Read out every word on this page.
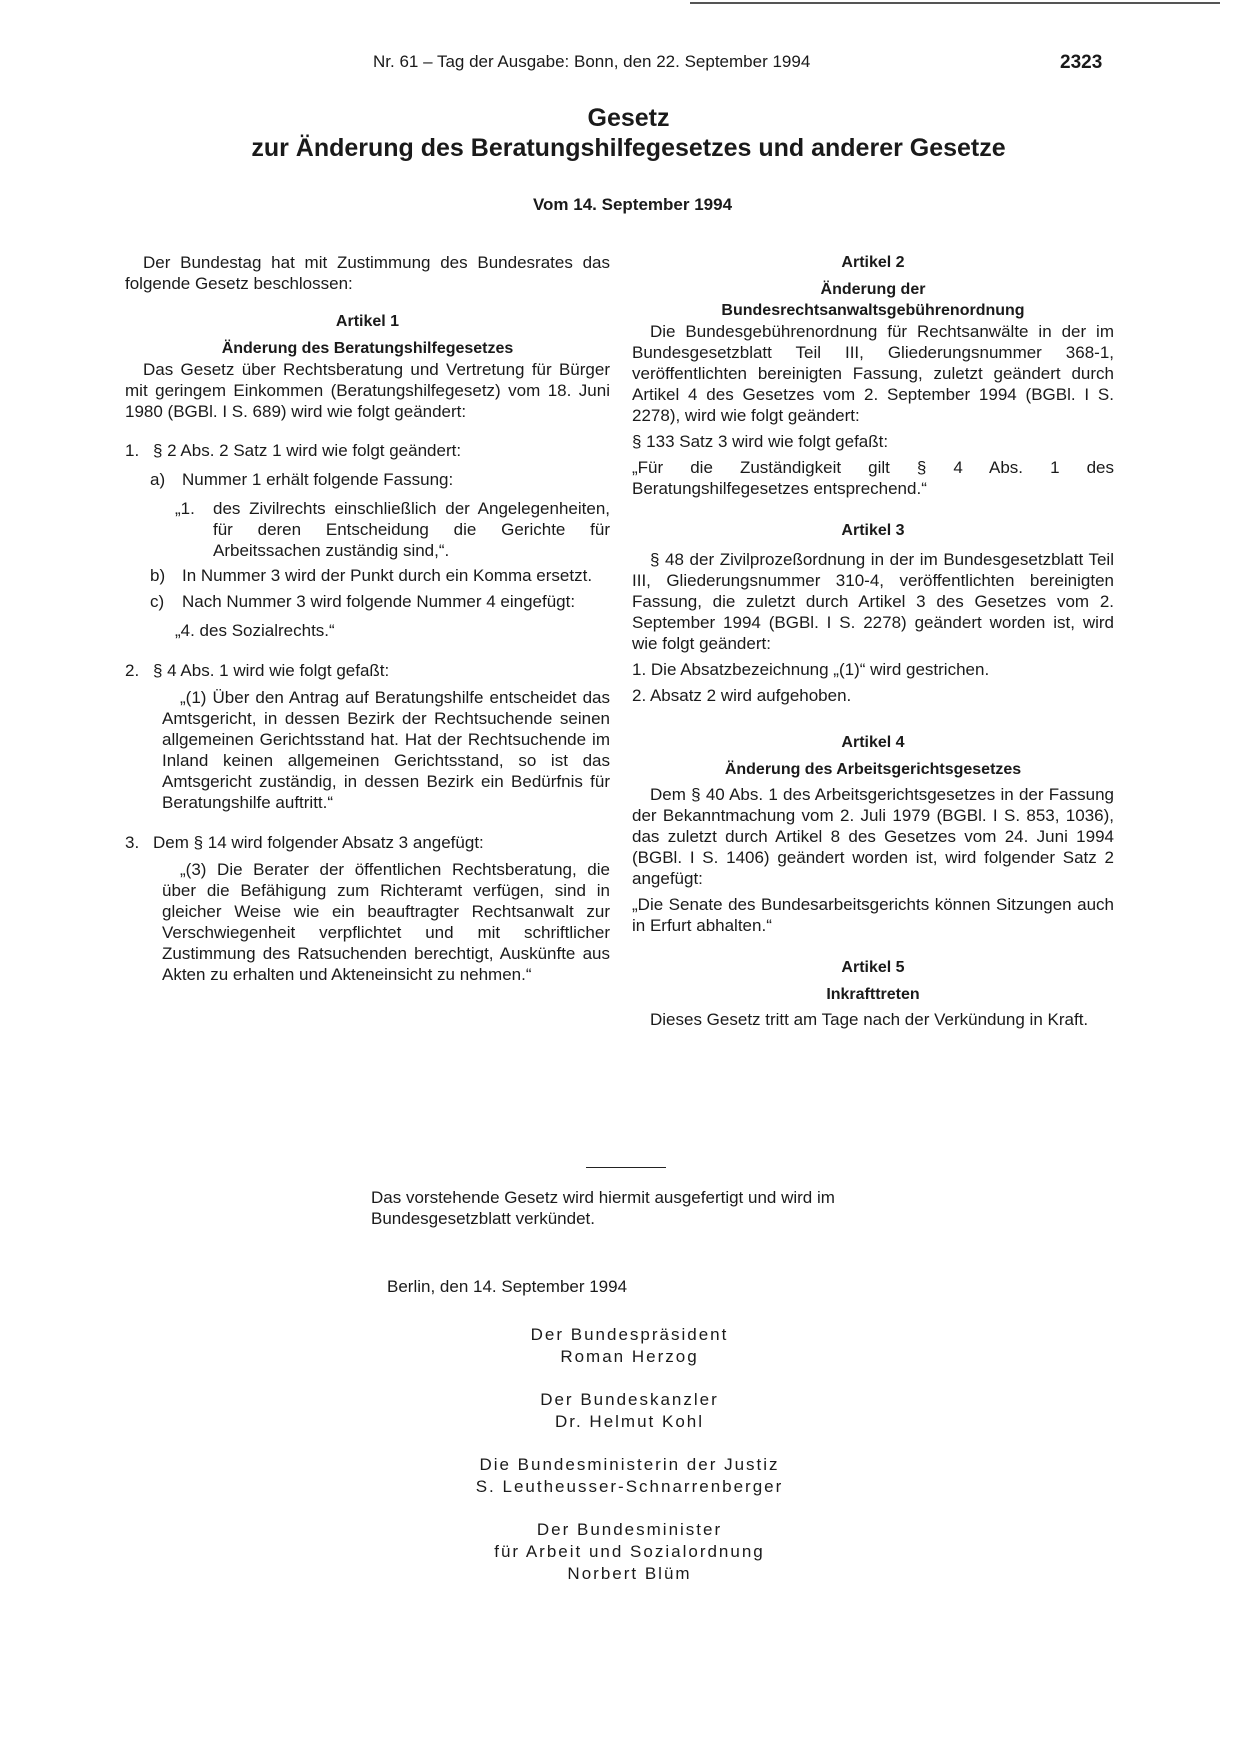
Nr. 61 – Tag der Ausgabe: Bonn, den 22. September 1994	2323
Gesetz
zur Änderung des Beratungshilfegesetzes und anderer Gesetze
Vom 14. September 1994

Der Bundestag hat mit Zustimmung des Bundesrates das folgende Gesetz beschlossen:

Artikel 1
Änderung des Beratungshilfegesetzes

Das Gesetz über Rechtsberatung und Vertretung für Bürger mit geringem Einkommen (Beratungshilfegesetz) vom 18. Juni 1980 (BGBl. I S. 689) wird wie folgt geändert:

1. § 2 Abs. 2 Satz 1 wird wie folgt geändert:
a) Nummer 1 erhält folgende Fassung:
„1. des Zivilrechts einschließlich der Angelegenheiten, für deren Entscheidung die Gerichte für Arbeitssachen zuständig sind,“.

b) In Nummer 3 wird der Punkt durch ein Komma ersetzt.

c) Nach Nummer 3 wird folgende Nummer 4 eingefügt:

„4. des Sozialrechts.“
2. § 4 Abs. 1 wird wie folgt gefaßt:

„(1) Über den Antrag auf Beratungshilfe entscheidet das Amtsgericht, in dessen Bezirk der Rechtsuchende seinen allgemeinen Gerichtsstand hat. Hat der Rechtsuchende im Inland keinen allgemeinen Gerichtsstand, so ist das Amtsgericht zuständig, in dessen Bezirk ein Bedürfnis für Beratungshilfe auftritt.“

3. Dem § 14 wird folgender Absatz 3 angefügt:

„(3) Die Berater der öffentlichen Rechtsberatung, die über die Befähigung zum Richteramt verfügen, sind in gleicher Weise wie ein beauftragter Rechtsanwalt zur Verschwiegenheit verpflichtet und mit schriftlicher Zustimmung des Ratsuchenden berechtigt, Auskünfte aus Akten zu erhalten und Akteneinsicht zu nehmen.“

Artikel 2
Änderung der
Bundesrechtsanwaltsgebührenordnung

Die Bundesgebührenordnung für Rechtsanwälte in der im Bundesgesetzblatt Teil III, Gliederungsnummer 368-1, veröffentlichten bereinigten Fassung, zuletzt geändert durch Artikel 4 des Gesetzes vom 2. September 1994 (BGBl. I S. 2278), wird wie folgt geändert:

§ 133 Satz 3 wird wie folgt gefaßt:

„Für die Zuständigkeit gilt § 4 Abs. 1 des Beratungshilfegesetzes entsprechend.“

Artikel 3

§ 48 der Zivilprozeßordnung in der im Bundesgesetzblatt Teil III, Gliederungsnummer 310-4, veröffentlichten bereinigten Fassung, die zuletzt durch Artikel 3 des Gesetzes vom 2. September 1994 (BGBl. I S. 2278) geändert worden ist, wird wie folgt geändert:

1. Die Absatzbezeichnung „(1)“ wird gestrichen.

2. Absatz 2 wird aufgehoben.

Artikel 4
Änderung des Arbeitsgerichtsgesetzes

Dem § 40 Abs. 1 des Arbeitsgerichtsgesetzes in der Fassung der Bekanntmachung vom 2. Juli 1979 (BGBl. I S. 853, 1036), das zuletzt durch Artikel 8 des Gesetzes vom 24. Juni 1994 (BGBl. I S. 1406) geändert worden ist, wird folgender Satz 2 angefügt:

„Die Senate des Bundesarbeitsgerichts können Sitzungen auch in Erfurt abhalten.“

Artikel 5
Inkrafttreten

Dieses Gesetz tritt am Tage nach der Verkündung in Kraft.

Das vorstehende Gesetz wird hiermit ausgefertigt und wird im Bundesgesetzblatt verkündet.

Berlin, den 14. September 1994
Der Bundespräsident
Roman Herzog
Der Bundeskanzler
Dr. Helmut Kohl
Die Bundesministerin der Justiz
S. Leutheusser-Schnarrenberger
Der Bundesminister
für Arbeit und Sozialordnung
Norbert Blüm
